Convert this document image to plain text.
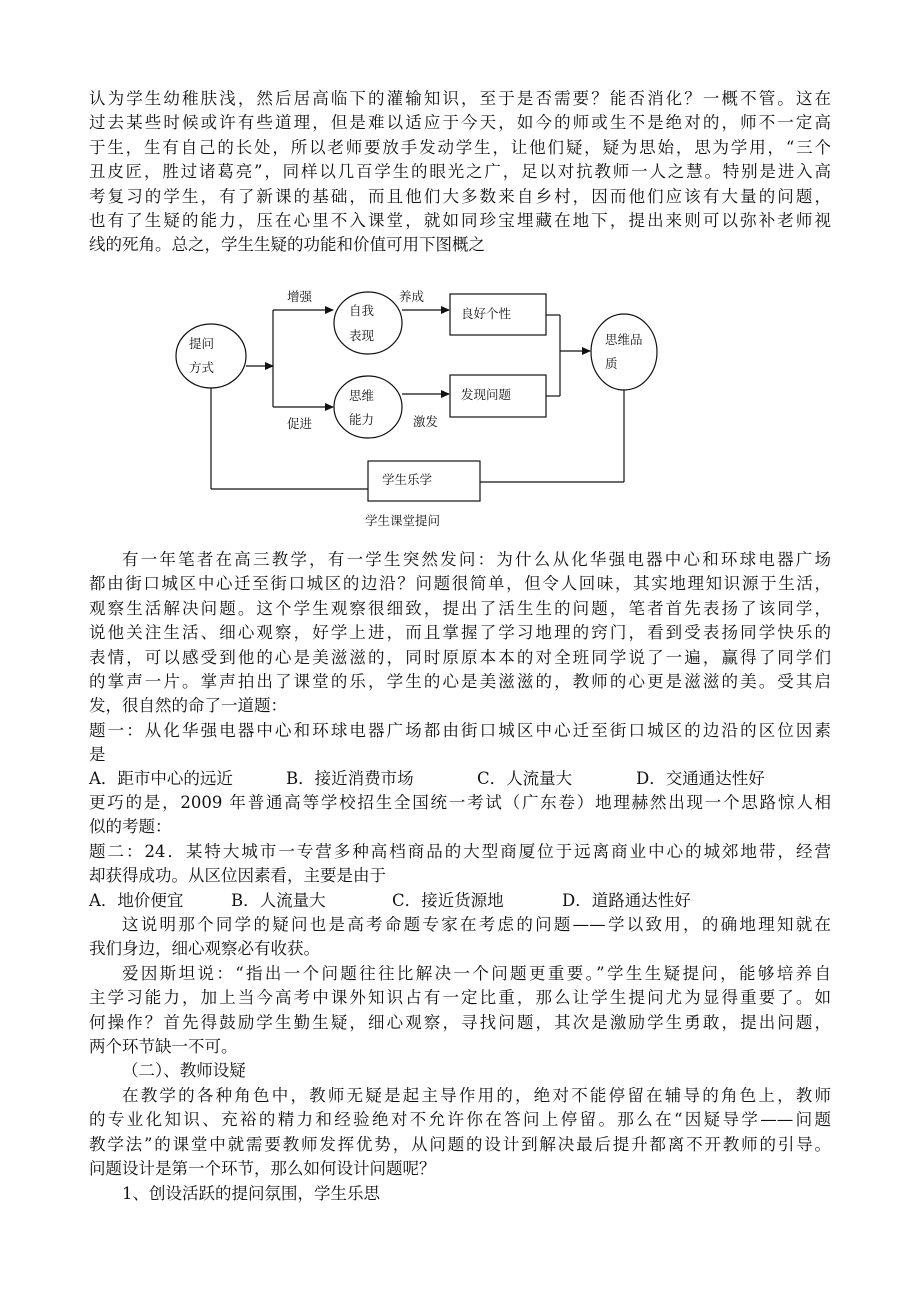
认为学生幼稚肤浅，然后居高临下的灌输知识，至于是否需要？能否消化？一概不管。这在
过去某些时候或许有些道理，但是难以适应于今天，如今的师或生不是绝对的，师不一定高
于生，生有自己的长处，所以老师要放手发动学生，让他们疑，疑为思始，思为学用，“三个
丑皮匠，胜过诸葛亮”，同样以几百学生的眼光之广，足以对抗教师一人之慧。特别是进入高
考复习的学生，有了新课的基础，而且他们大多数来自乡村，因而他们应该有大量的问题，
也有了生疑的能力，压在心里不入课堂，就如同珍宝埋藏在地下，提出来则可以弥补老师视
线的死角。总之，学生生疑的功能和价值可用下图概之
提问
方式
自我
表现
思维
能力
良好个性
发现问题
思维品
质
学生乐学
增强
促进
养成
激发
学生课堂提问
有一年笔者在高三教学，有一学生突然发问：为什么从化华强电器中心和环球电器广场
都由街口城区中心迁至街口城区的边沿？问题很简单，但令人回味，其实地理知识源于生活，
观察生活解决问题。这个学生观察很细致，提出了活生生的问题，笔者首先表扬了该同学，
说他关注生活、细心观察，好学上进，而且掌握了学习地理的窍门，看到受表扬同学快乐的
表情，可以感受到他的心是美滋滋的，同时原原本本的对全班同学说了一遍，赢得了同学们
的掌声一片。掌声拍出了课堂的乐，学生的心是美滋滋的，教师的心更是滋滋的美。受其启
发，很自然的命了一道题：
题一：从化华强电器中心和环球电器广场都由街口城区中心迁至街口城区的边沿的区位因素
是
A．距市中心的远近	B．接近消费市场	C．人流量大	D．交通通达性好
更巧的是，2009 年普通高等学校招生全国统一考试（广东卷）地理赫然出现一个思路惊人相
似的考题：
题二：24．某特大城市一专营多种高档商品的大型商厦位于远离商业中心的城郊地带，经营
却获得成功。从区位因素看，主要是由于
A．地价便宜	B．人流量大	C．接近货源地	D．道路通达性好
这说明那个同学的疑问也是高考命题专家在考虑的问题——学以致用，的确地理知就在
我们身边，细心观察必有收获。
爱因斯坦说：“指出一个问题往往比解决一个问题更重要。”学生生疑提问，能够培养自
主学习能力，加上当今高考中课外知识占有一定比重，那么让学生提问尤为显得重要了。如
何操作？首先得鼓励学生勤生疑，细心观察，寻找问题，其次是激励学生勇敢，提出问题，
两个环节缺一不可。
（二）、教师设疑
在教学的各种角色中，教师无疑是起主导作用的，绝对不能停留在辅导的角色上，教师
的专业化知识、充裕的精力和经验绝对不允许你在答问上停留。那么在“因疑导学——问题
教学法”的课堂中就需要教师发挥优势，从问题的设计到解决最后提升都离不开教师的引导。
问题设计是第一个环节，那么如何设计问题呢？
1、创设活跃的提问氛围，学生乐思
